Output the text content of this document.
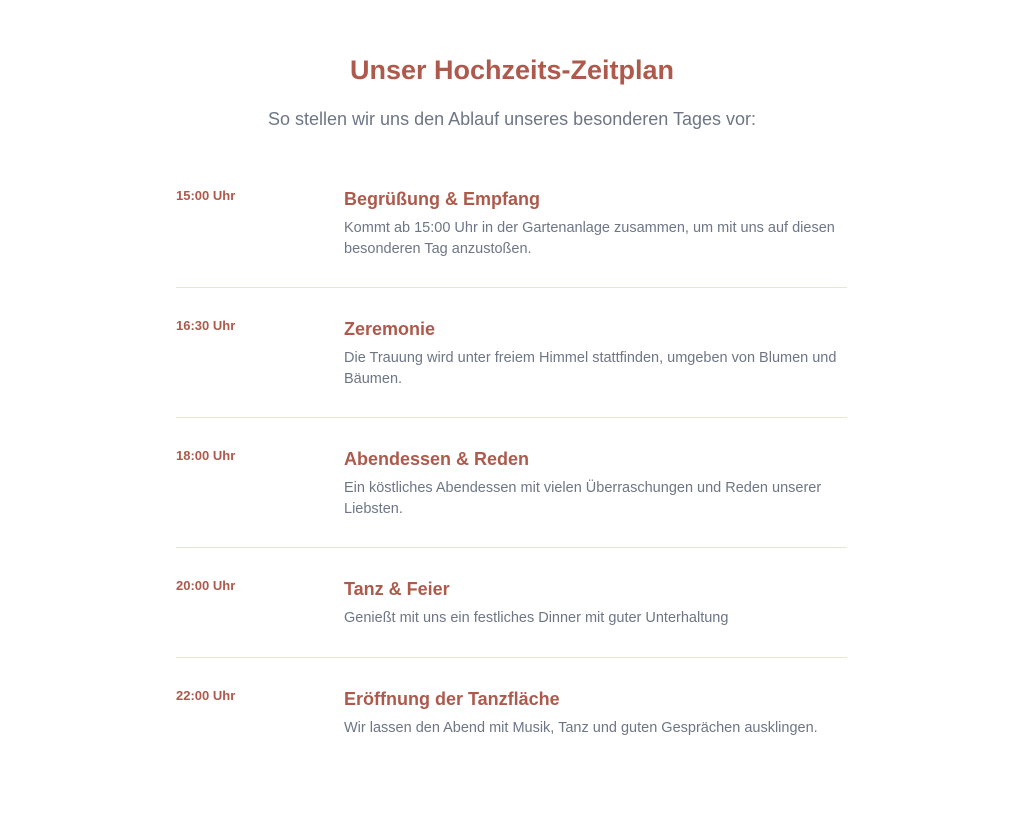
Unser Hochzeits-Zeitplan

So stellen wir uns den Ablauf unseres besonderen Tages vor:

15:00 Uhr	Begrüßung & Empfang

Kommt ab 15:00 Uhr in der Gartenanlage zusammen, um mit uns auf diesen besonderen Tag anzustoßen.

16:30 Uhr	Zeremonie

Die Trauung wird unter freiem Himmel stattfinden, umgeben von Blumen und Bäumen.

18:00 Uhr	Abendessen & Reden

Ein köstliches Abendessen mit vielen Überraschungen und Reden unserer Liebsten.

20:00 Uhr	Tanz & Feier

Genießt mit uns ein festliches Dinner mit guter Unterhaltung

22:00 Uhr	Eröffnung der Tanzfläche

Wir lassen den Abend mit Musik, Tanz und guten Gesprächen ausklingen.
